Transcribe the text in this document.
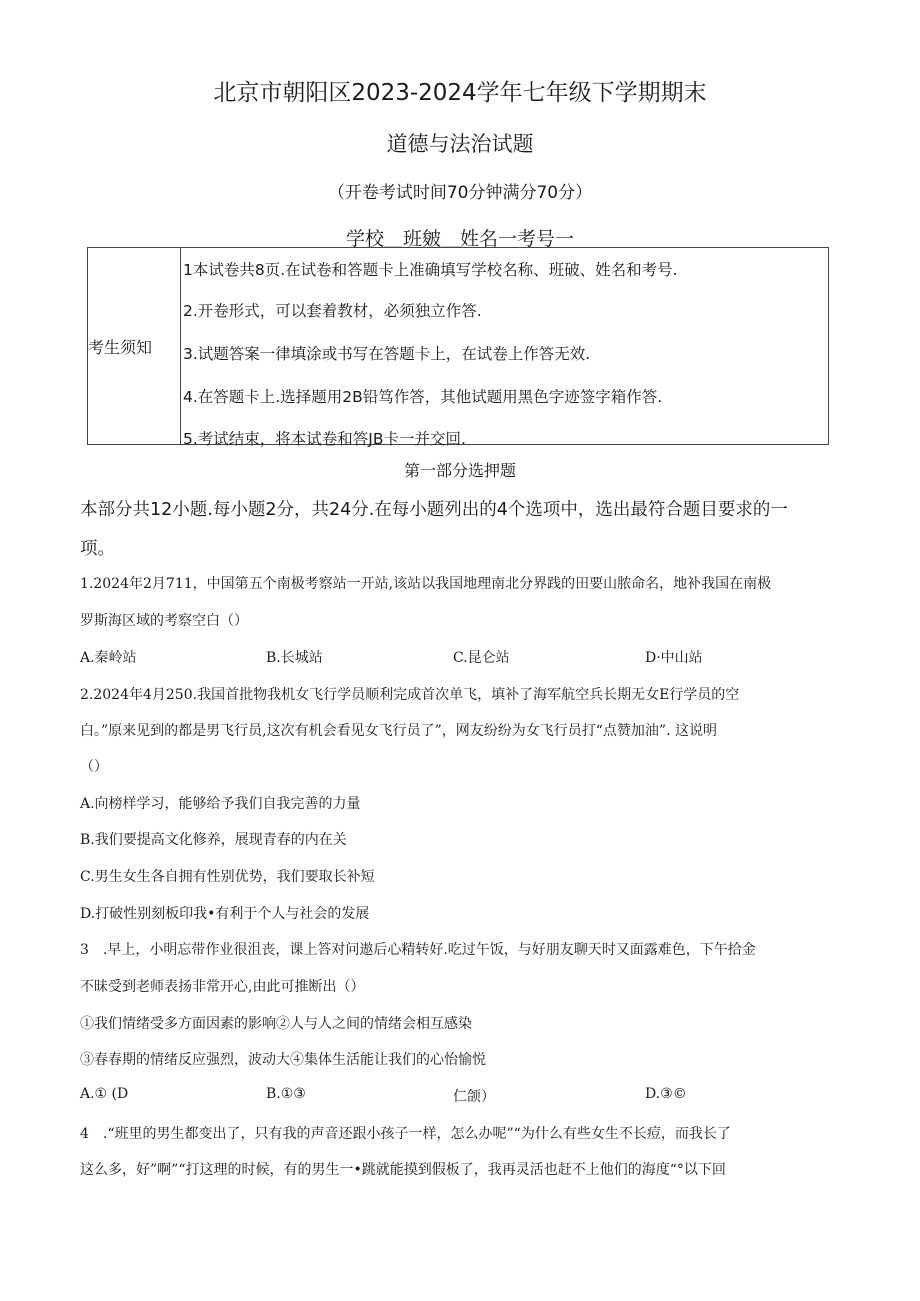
北京市朝阳区2023-2024学年七年级下学期期末
道德与法治试题
（开卷考试时间70分钟满分70分）
学校＿班皴＿姓名一考号一
考生须知	
1本试卷共8页.在试卷和答题卡上准确填写学校名称、班破、姓名和考号.
2.开卷形式，可以套着教材，必须独立作答.
3.试题答案一律填涂或书写在答题卡上，在试卷上作答无效.
4.在答题卡上.选择题用2B铅笃作答，其他试题用黑色字迹签字箱作答.
5.考试结束，将本试卷和答JB卡一并交回.
第一部分选押题
本部分共12小题.每小题2分，共24分.在每小题列出的4个选项中，选出最符合题目要求的一
项。
1.2024年2月711，中国第五个南极考察站一开站,该站以我国地理南北分界践的田要山脓命名，地补我国在南极
罗斯海区域的考察空白（）
A.秦岭站	B.长城站	C.昆仑站	D·中山站
2.2024年4月250.我国首批物我机女飞行学员顺利完成首次单飞，填补了海军航空兵长期无女E行学员的空
白。”原来见到的都是男飞行员,这次有机会看见女飞行员了”，网友纷纷为女飞行员打“点赞加油”. 这说明
（）
A.向榜样学习，能够给予我们自我完善的力量
B.我们要提高文化修养，展现青春的内在关
C.男生女生各自拥有性别优势，我们要取长补短
D.打破性别刻板印我•有利于个人与社会的发展
3　.早上，小明忘带作业很沮丧，课上答对问遨后心精转好.吃过午饭，与好朋友聊天时又面露难色，下午拾金
不昧受到老师表扬非常开心,由此可推断出（）
①我们情绪受多方面因素的影响②人与人之间的情绪会相互感染
③春春期的情绪反应强烈，波动大④集体生活能让我们的心怡愉悦
A.① (D	B.①③	仁颌）	D.③©
4　.“班里的男生都变出了，只有我的声音还跟小孩子一样，怎么办呢”“为什么有些女生不长痘，而我长了
这么多，好”啊”“打这理的时候，有的男生一•跳就能摸到假板了，我再灵活也赶不上他们的海度“°以下回
